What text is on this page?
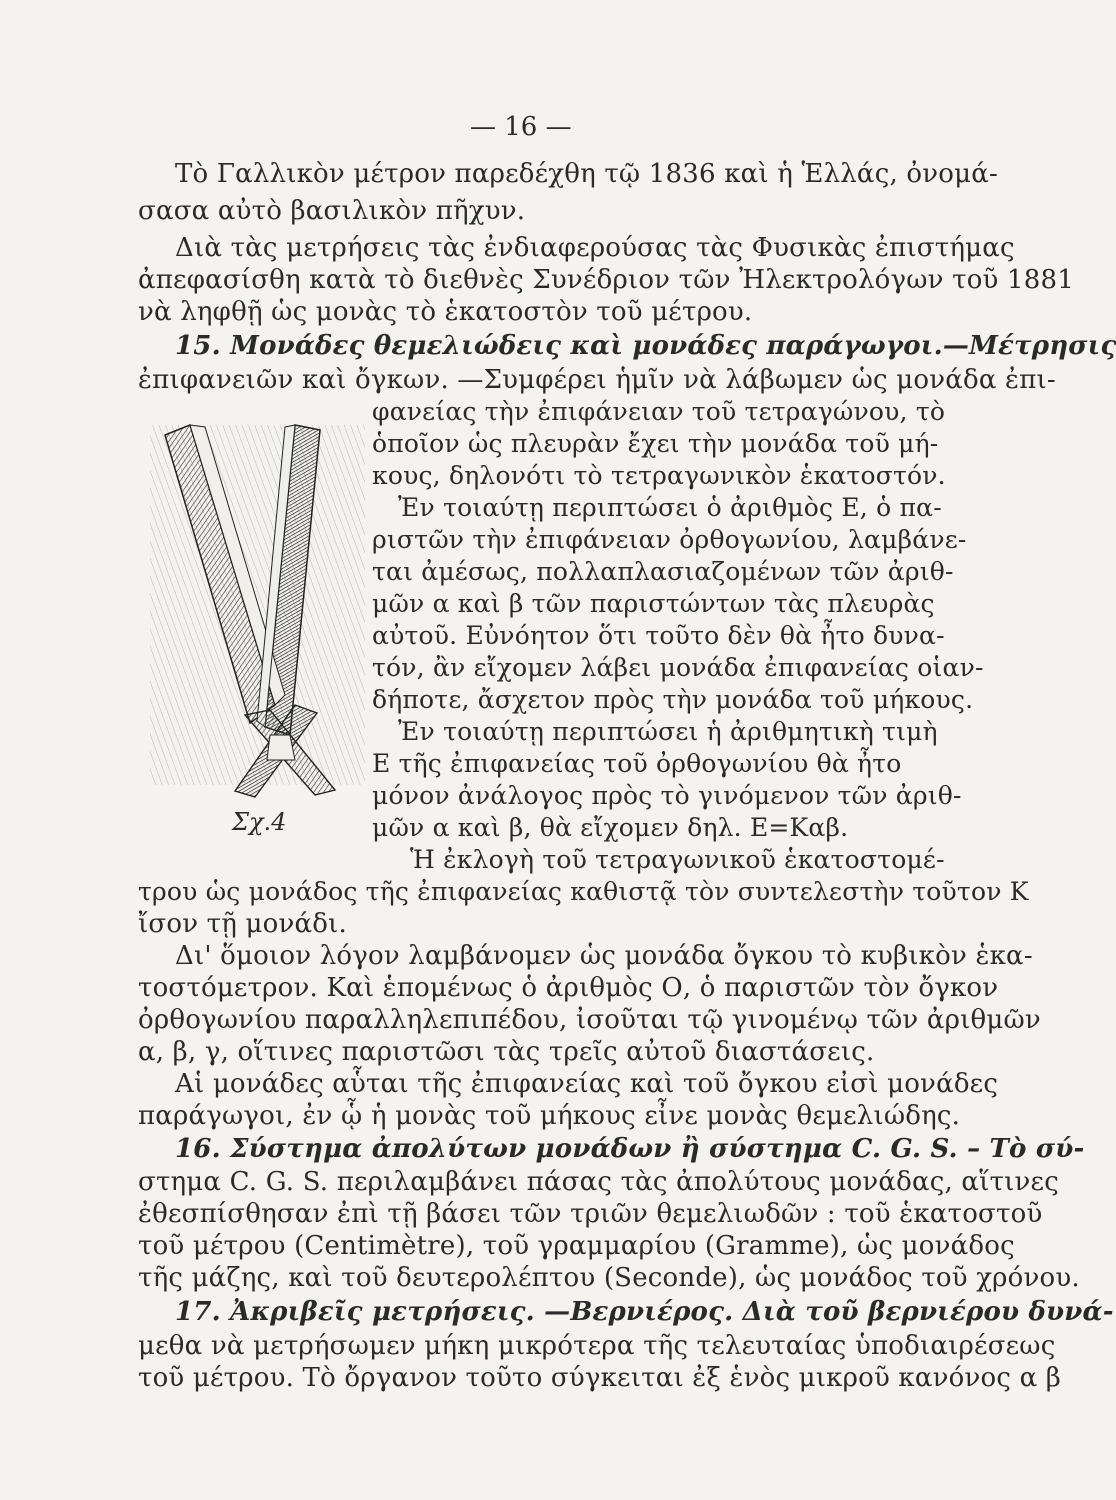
— 16 —
Τὸ Γαλλικὸν μέτρον παρεδέχθη τῷ 1836 καὶ ἡ Ἑλλάς, ὀνομά-
σασα αὐτὸ βασιλικὸν πῆχυν.
Διὰ τὰς μετρήσεις τὰς ἐνδιαφερούσας τὰς Φυσικὰς ἐπιστήμας
ἀπεφασίσθη κατὰ τὸ διεθνὲς Συνέδριον τῶν Ἠλεκτρολόγων τοῦ 1881
νὰ ληφθῇ ὡς μονὰς τὸ ἑκατοστὸν τοῦ μέτρου.
15. Μονάδες θεμελιώδεις καὶ μονάδες παράγωγοι.—Μέτρησις
ἐπιφανειῶν καὶ ὄγκων. —Συμφέρει ἡμῖν νὰ λάβωμεν ὡς μονάδα ἐπι-
φανείας τὴν ἐπιφάνειαν τοῦ τετραγώνου, τὸ
ὁποῖον ὡς πλευρὰν ἔχει τὴν μονάδα τοῦ μή-
κους, δηλονότι τὸ τετραγωνικὸν ἑκατοστόν.
Ἐν τοιαύτῃ περιπτώσει ὁ ἀριθμὸς Ε, ὁ πα-
ριστῶν τὴν ἐπιφάνειαν ὀρθογωνίου, λαμβάνε-
ται ἀμέσως, πολλαπλασιαζομένων τῶν ἀριθ-
μῶν α καὶ β τῶν παριστώντων τὰς πλευρὰς
αὐτοῦ. Εὐνόητον ὅτι τοῦτο δὲν θὰ ἦτο δυνα-
τόν, ἂν εἴχομεν λάβει μονάδα ἐπιφανείας οἱαν-
δήποτε, ἄσχετον πρὸς τὴν μονάδα τοῦ μήκους.
Ἐν τοιαύτῃ περιπτώσει ἡ ἀριθμητικὴ τιμὴ
Ε τῆς ἐπιφανείας τοῦ ὀρθογωνίου θὰ ἦτο
μόνον ἀνάλογος πρὸς τὸ γινόμενον τῶν ἀριθ-
μῶν α καὶ β, θὰ εἴχομεν δηλ. Ε=Καβ.
Ἡ ἐκλογὴ τοῦ τετραγωνικοῦ ἑκατοστομέ-
τρου ὡς μονάδος τῆς ἐπιφανείας καθιστᾷ τὸν συντελεστὴν τοῦτον Κ
ἴσον τῇ μονάδι.
Δι' ὅμοιον λόγον λαμβάνομεν ὡς μονάδα ὄγκου τὸ κυβικὸν ἑκα-
τοστόμετρον. Καὶ ἑπομένως ὁ ἀριθμὸς Ο, ὁ παριστῶν τὸν ὄγκον
ὀρθογωνίου παραλληλεπιπέδου, ἰσοῦται τῷ γινομένῳ τῶν ἀριθμῶν
α, β, γ, οἵτινες παριστῶσι τὰς τρεῖς αὐτοῦ διαστάσεις.
Αἱ μονάδες αὗται τῆς ἐπιφανείας καὶ τοῦ ὄγκου εἰσὶ μονάδες
παράγωγοι, ἐν ᾧ ἡ μονὰς τοῦ μήκους εἶνε μονὰς θεμελιώδης.
16. Σύστημα ἀπολύτων μονάδων ἢ σύστημα C. G. S. – Τὸ σύ-
στημα C. G. S. περιλαμβάνει πάσας τὰς ἀπολύτους μονάδας, αἵτινες
ἐθεσπίσθησαν ἐπὶ τῇ βάσει τῶν τριῶν θεμελιωδῶν : τοῦ ἑκατοστοῦ
τοῦ μέτρου (Centimètre), τοῦ γραμμαρίου (Gramme), ὡς μονάδος
τῆς μάζης, καὶ τοῦ δευτερολέπτου (Seconde), ὡς μονάδος τοῦ χρόνου.
17. Ἀκριβεῖς μετρήσεις. —Βερνιέρος. Διὰ τοῦ βερνιέρου δυνά-
μεθα νὰ μετρήσωμεν μήκη μικρότερα τῆς τελευταίας ὑποδιαιρέσεως
τοῦ μέτρου. Τὸ ὄργανον τοῦτο σύγκειται ἐξ ἑνὸς μικροῦ κανόνος α β
Σχ.4
